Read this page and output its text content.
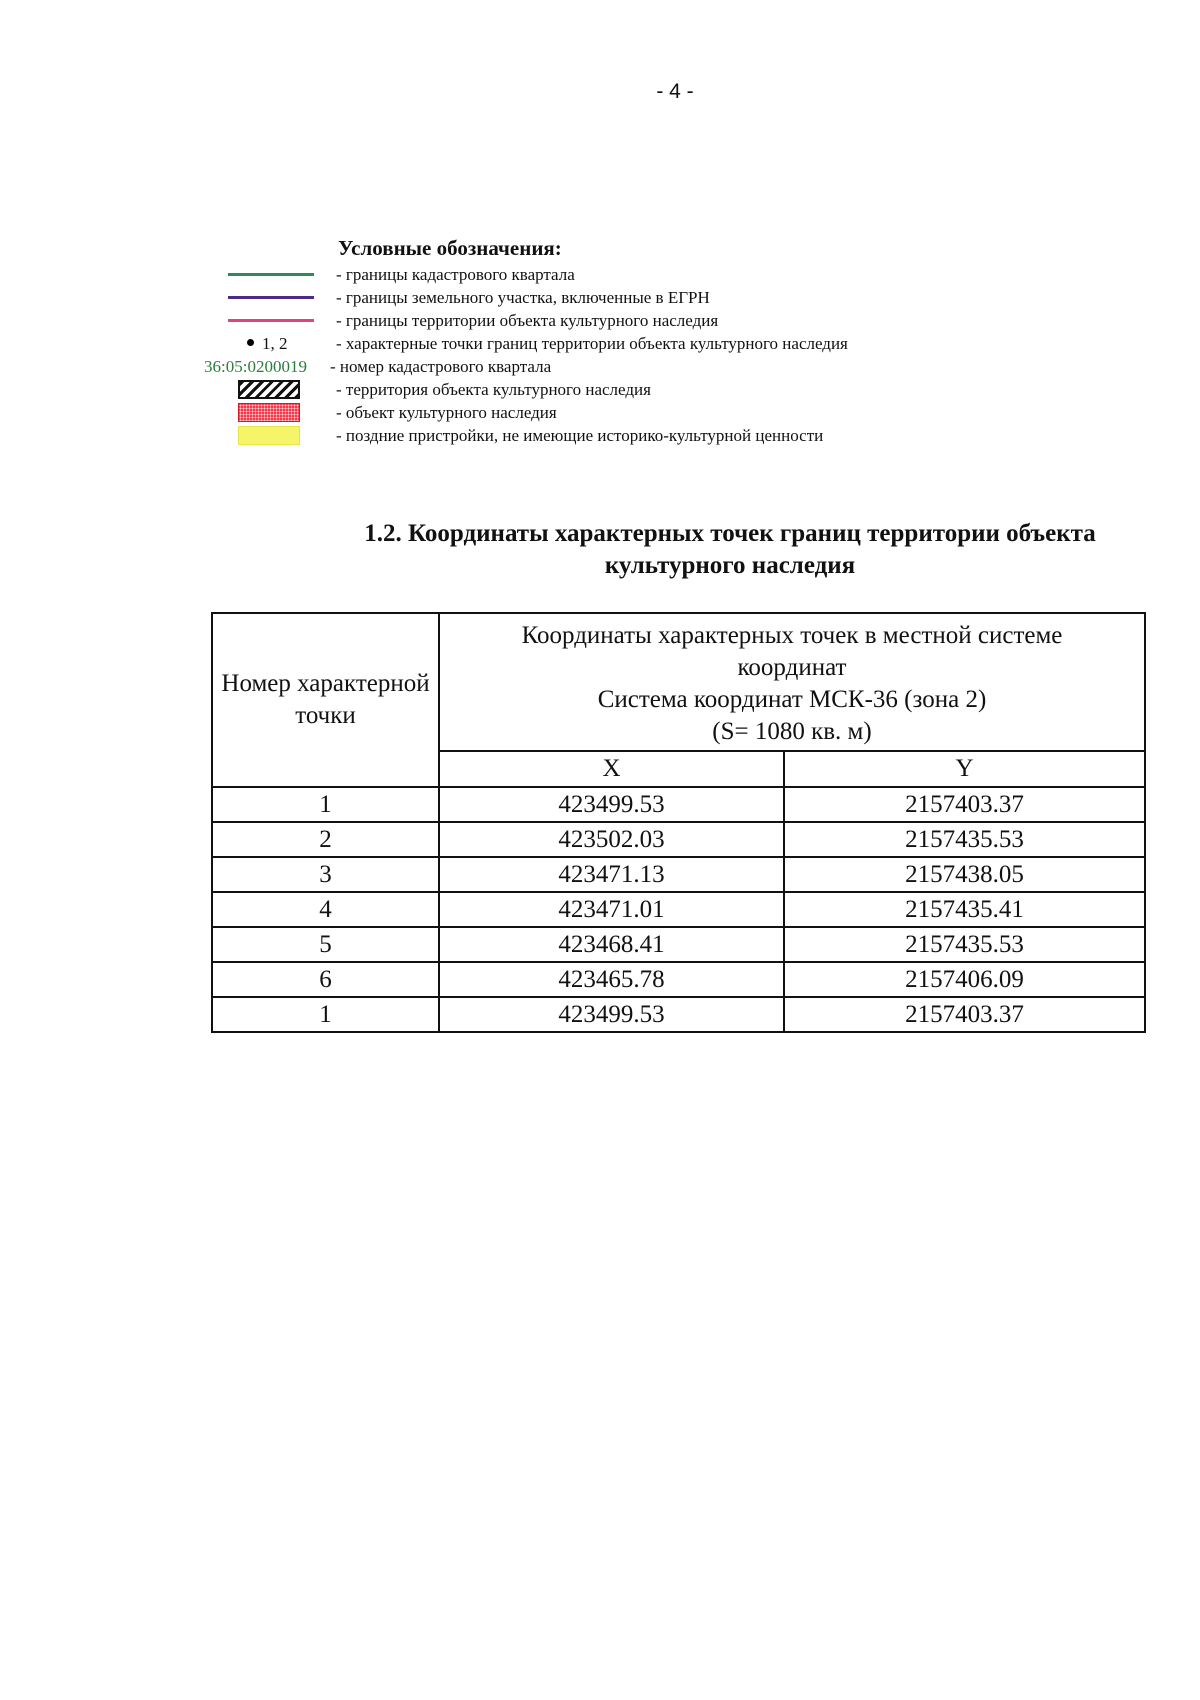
- 4 -
Условные обозначения:
- границы кадастрового квартала
- границы земельного участка, включенные в ЕГРН
- границы территории объекта культурного наследия
1, 2	- характерные точки границ территории объекта культурного наследия
36:05:0200019 - номер кадастрового квартала
- территория объекта культурного наследия
- объект культурного наследия
- поздние пристройки, не имеющие историко-культурной ценности
1.2. Координаты характерных точек границ территории объекта
культурного наследия
Номер характерной точки	Координаты характерных точек в местной системе
координат
Система координат МСК-36 (зона 2)
(S= 1080 кв. м)	

	X	Y
1	423499.53	2157403.37
2	423502.03	2157435.53
3	423471.13	2157438.05
4	423471.01	2157435.41
5	423468.41	2157435.53
6	423465.78	2157406.09
1	423499.53	2157403.37
